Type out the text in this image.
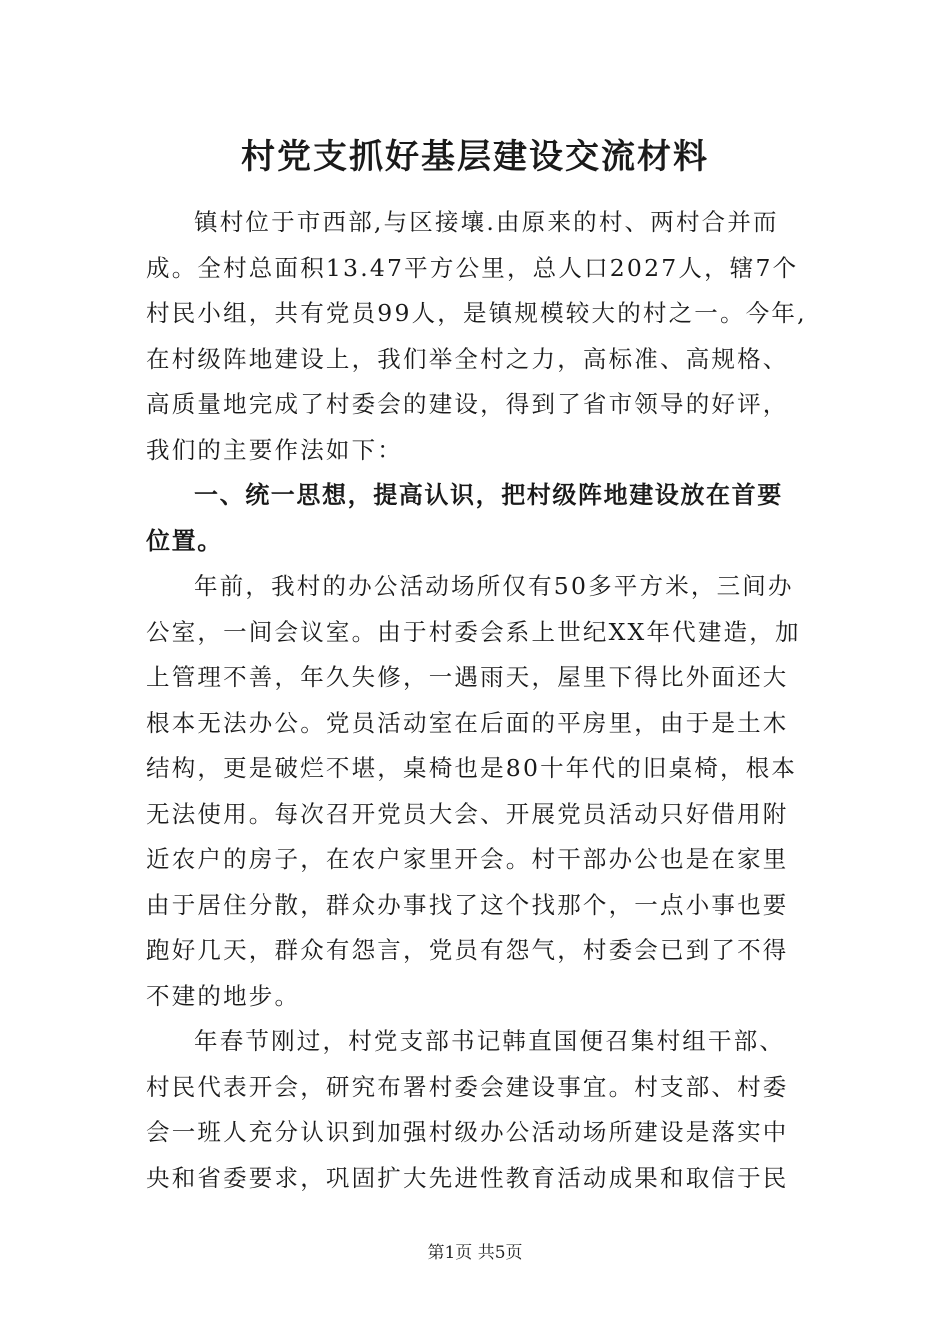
村党支抓好基层建设交流材料
镇村位于市西部,与区接壤.由原来的村、两村合并而
成。全村总面积13.47平方公里，总人口2027人，辖7个
村民小组，共有党员99人，是镇规模较大的村之一。今年,
在村级阵地建设上，我们举全村之力，高标准、高规格、
高质量地完成了村委会的建设，得到了省市领导的好评，
我们的主要作法如下：
一、统一思想，提高认识，把村级阵地建设放在首要
位置。
年前，我村的办公活动场所仅有50多平方米，三间办
公室，一间会议室。由于村委会系上世纪XX年代建造，加
上管理不善，年久失修，一遇雨天，屋里下得比外面还大
根本无法办公。党员活动室在后面的平房里，由于是土木
结构，更是破烂不堪，桌椅也是80十年代的旧桌椅，根本
无法使用。每次召开党员大会、开展党员活动只好借用附
近农户的房子，在农户家里开会。村干部办公也是在家里
由于居住分散，群众办事找了这个找那个，一点小事也要
跑好几天，群众有怨言，党员有怨气，村委会已到了不得
不建的地步。
年春节刚过，村党支部书记韩直国便召集村组干部、
村民代表开会，研究布署村委会建设事宜。村支部、村委
会一班人充分认识到加强村级办公活动场所建设是落实中
央和省委要求，巩固扩大先进性教育活动成果和取信于民
第1页 共5页
